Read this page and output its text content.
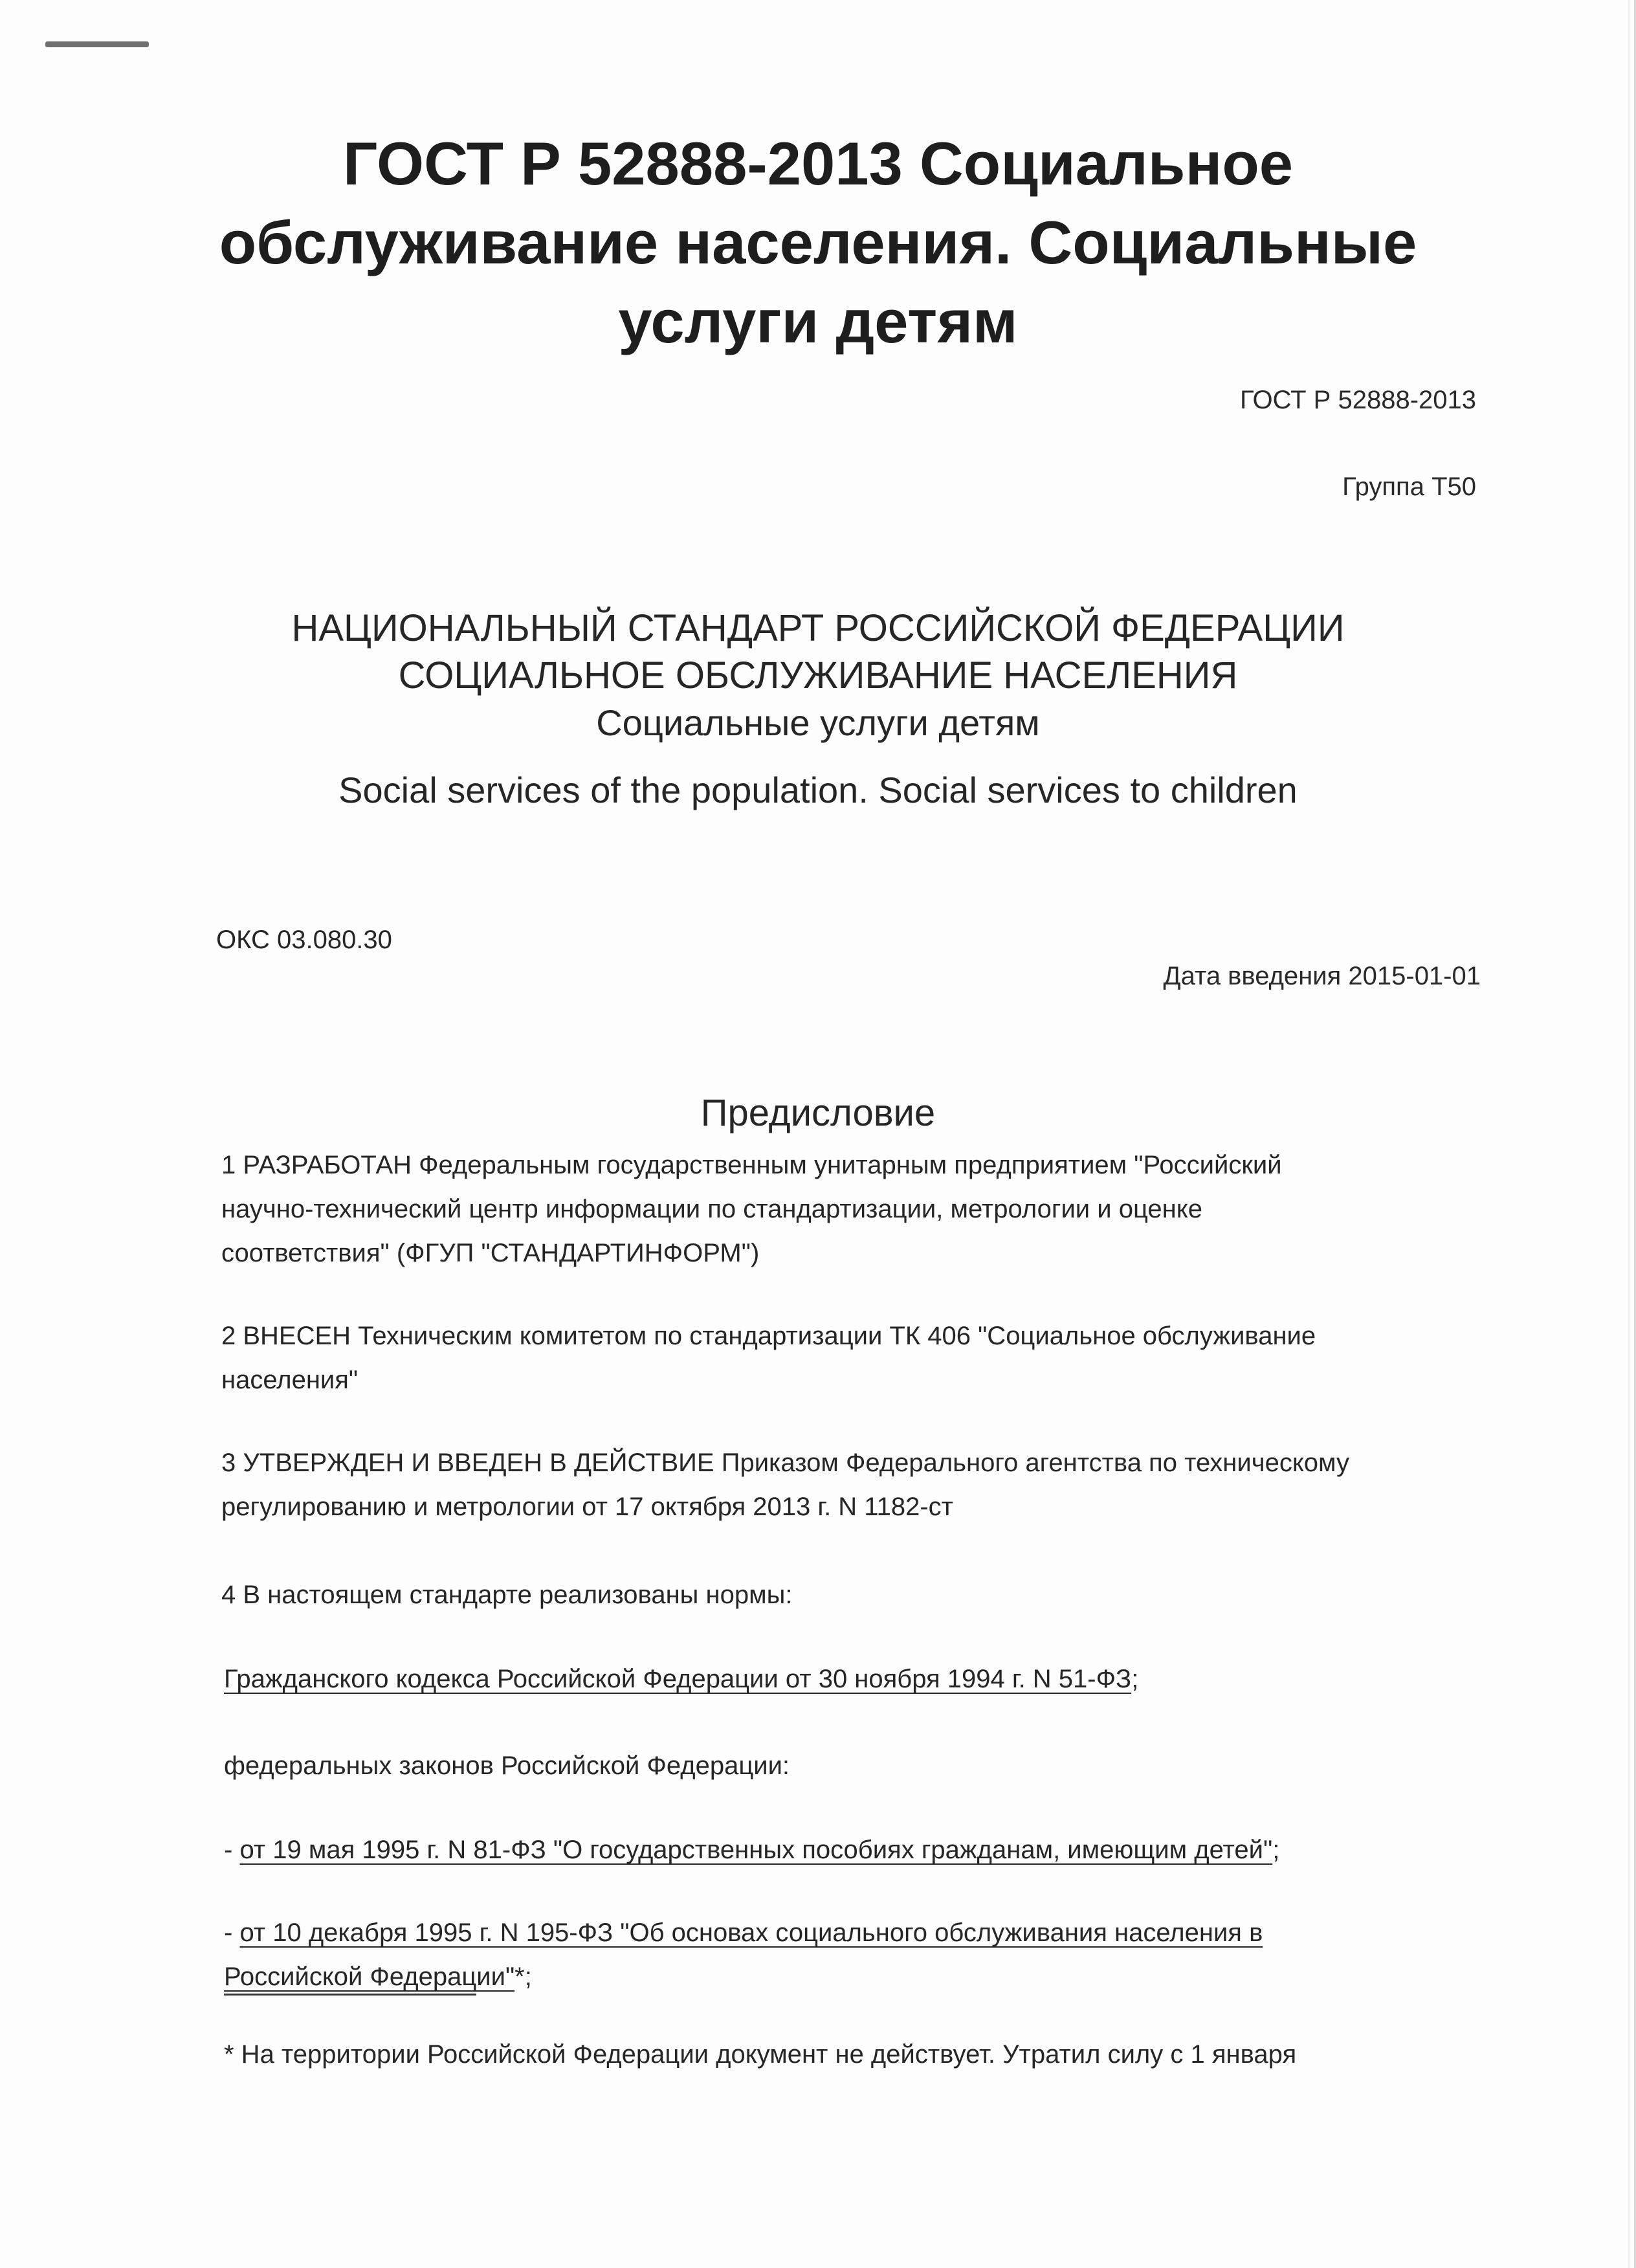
ГОСТ Р 52888-2013 Социальное
обслуживание населения. Социальные
услуги детям

ГОСТ Р 52888-2013

Группа Т50

НАЦИОНАЛЬНЫЙ СТАНДАРТ РОССИЙСКОЙ ФЕДЕРАЦИИ

СОЦИАЛЬНОЕ ОБСЛУЖИВАНИЕ НАСЕЛЕНИЯ

Социальные услуги детям

Social services of the population. Social services to children

ОКС 03.080.30

Дата введения 2015-01-01

Предисловие
1 РАЗРАБОТАН Федеральным государственным унитарным предприятием "Российский
научно-технический центр информации по стандартизации, метрологии и оценке
соответствия" (ФГУП "СТАНДАРТИНФОРМ")
2 ВНЕСЕН Техническим комитетом по стандартизации ТК 406 "Социальное обслуживание
населения"
3 УТВЕРЖДЕН И ВВЕДЕН В ДЕЙСТВИЕ Приказом Федерального агентства по техническому
регулированию и метрологии от 17 октября 2013 г. N 1182-ст

4 В настоящем стандарте реализованы нормы:

Гражданского кодекса Российской Федерации от 30 ноября 1994 г. N 51-ФЗ;

федеральных законов Российской Федерации:

- от 19 мая 1995 г. N 81-ФЗ "О государственных пособиях гражданам, имеющим детей";

- от 10 декабря 1995 г. N 195-ФЗ "Об основах социального обслуживания населения в
Российской Федерации"*;

* На территории Российской Федерации документ не действует. Утратил силу с 1 января
